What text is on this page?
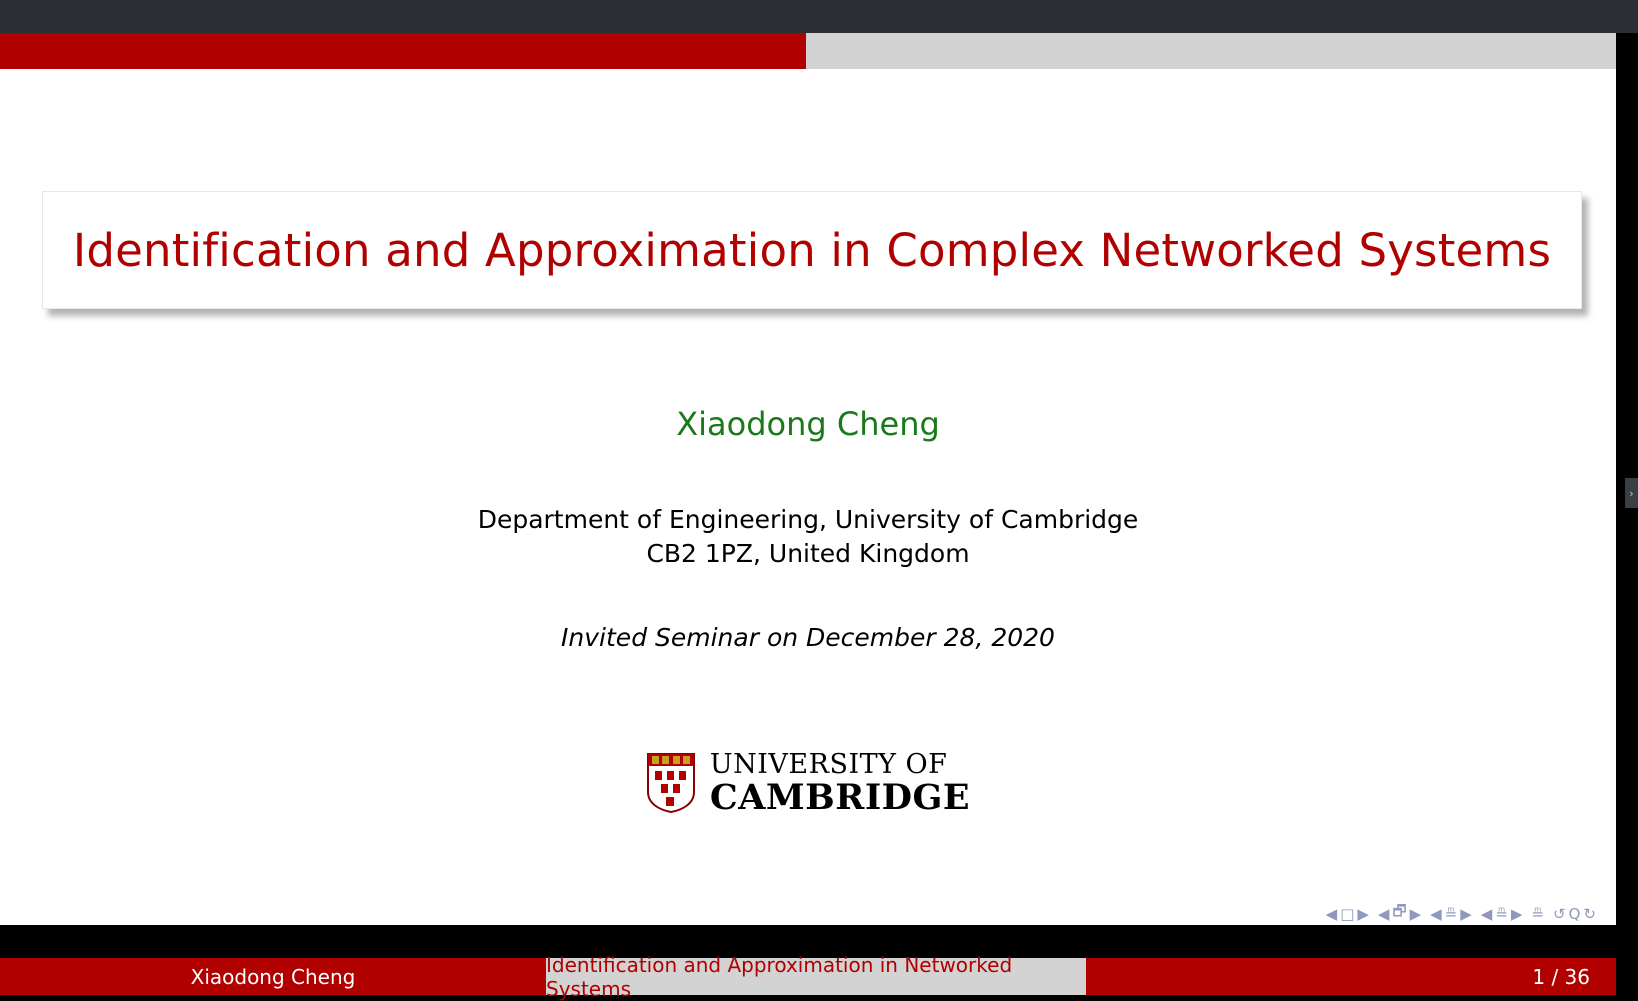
Identification and Approximation in Complex Networked Systems
Xiaodong Cheng
Department of Engineering, University of Cambridge
CB2 1PZ, United Kingdom
Invited Seminar on December 28, 2020
UNIVERSITY OF
CAMBRIDGE
◀ □ ▶ ◀ 🗗 ▶ ◀ ≞ ▶ ◀ ≞ ▶ ≞ ↺ Q ↻
Xiaodong Cheng	Identification and Approximation in Networked Systems	1 / 36
›
